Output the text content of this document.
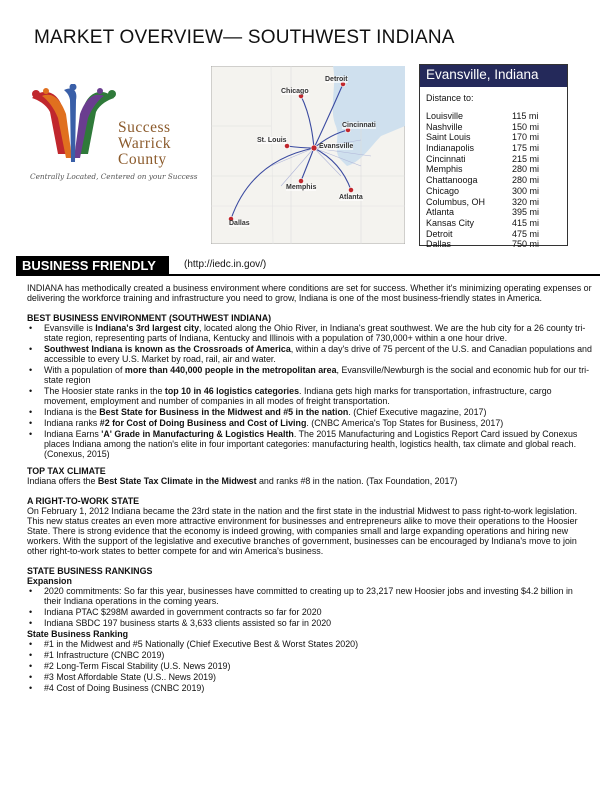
MARKET OVERVIEW— SOUTHWEST INDIANA
Success
Warrick
County
Centrally Located, Centered on your Success
Chicago
Detroit
Cincinnati
St. Louis
Evansville
Memphis
Atlanta
Dallas
Evansville, Indiana
Distance to:
Louisville	115 mi
Nashville	150 mi
Saint Louis	170 mi
Indianapolis	175 mi
Cincinnati	215 mi
Memphis	280 mi
Chattanooga	280 mi
Chicago	300 mi
Columbus, OH	320 mi
Atlanta	395 mi
Kansas City	415 mi
Detroit	475 mi
Dallas	750 mi
BUSINESS FRIENDLY	(http://iedc.in.gov/)

INDIANA has methodically created a business environment where conditions are set for success. Whether it's minimizing operating expenses or delivering the workforce training and infrastructure you need to grow, Indiana is one of the most business-friendly states in America.

BEST BUSINESS ENVIRONMENT (SOUTHWEST INDIANA)
• Evansville is Indiana's 3rd largest city, located along the Ohio River, in Indiana's great southwest. We are the hub city for a 26 county tri-state region, representing parts of Indiana, Kentucky and Illinois with a population of 730,000+ within a one hour drive.
• Southwest Indiana is known as the Crossroads of America, within a day's drive of 75 percent of the U.S. and Canadian populations and accessible to every U.S. Market by road, rail, air and water.
• With a population of more than 440,000 people in the metropolitan area, Evansville/Newburgh is the social and economic hub for our tri-state region
• The Hoosier state ranks in the top 10 in 46 logistics categories. Indiana gets high marks for transportation, infrastructure, cargo movement, employment and number of companies in all modes of freight transportation.
• Indiana is the Best State for Business in the Midwest and #5 in the nation. (Chief Executive magazine, 2017)
• Indiana ranks #2 for Cost of Doing Business and Cost of Living. (CNBC America's Top States for Business, 2017)
• Indiana Earns 'A' Grade in Manufacturing & Logistics Health. The 2015 Manufacturing and Logistics Report Card issued by Conexus places Indiana among the nation's elite in four important categories: manufacturing health, logistics health, tax climate and global reach. (Conexus, 2015)
TOP TAX CLIMATE

Indiana offers the Best State Tax Climate in the Midwest and ranks #8 in the nation. (Tax Foundation, 2017)

A RIGHT-TO-WORK STATE

On February 1, 2012 Indiana became the 23rd state in the nation and the first state in the industrial Midwest to pass right-to-work legislation. This new status creates an even more attractive environment for businesses and entrepreneurs alike to move their operations to the Hoosier State. There is strong evidence that the economy is indeed growing, with companies small and large expanding operations and hiring new workers. With the support of the legislative and executive branches of government, businesses can be encouraged by Indiana's move to join other right-to-work states to better compete for and win America's business.

STATE BUSINESS RANKINGS
Expansion
• 2020 commitments: So far this year, businesses have committed to creating up to 23,217 new Hoosier jobs and investing $4.2 billion in their Indiana operations in the coming years.
• Indiana PTAC $298M awarded in government contracts so far for 2020
• Indiana SBDC 197 business starts & 3,633 clients assisted so far in 2020
State Business Ranking
• #1 in the Midwest and #5 Nationally (Chief Executive Best & Worst States 2020)
• #1 Infrastructure (CNBC 2019)
• #2 Long-Term Fiscal Stability (U.S. News 2019)
• #3 Most Affordable State (U.S.. News 2019)
• #4 Cost of Doing Business (CNBC 2019)
